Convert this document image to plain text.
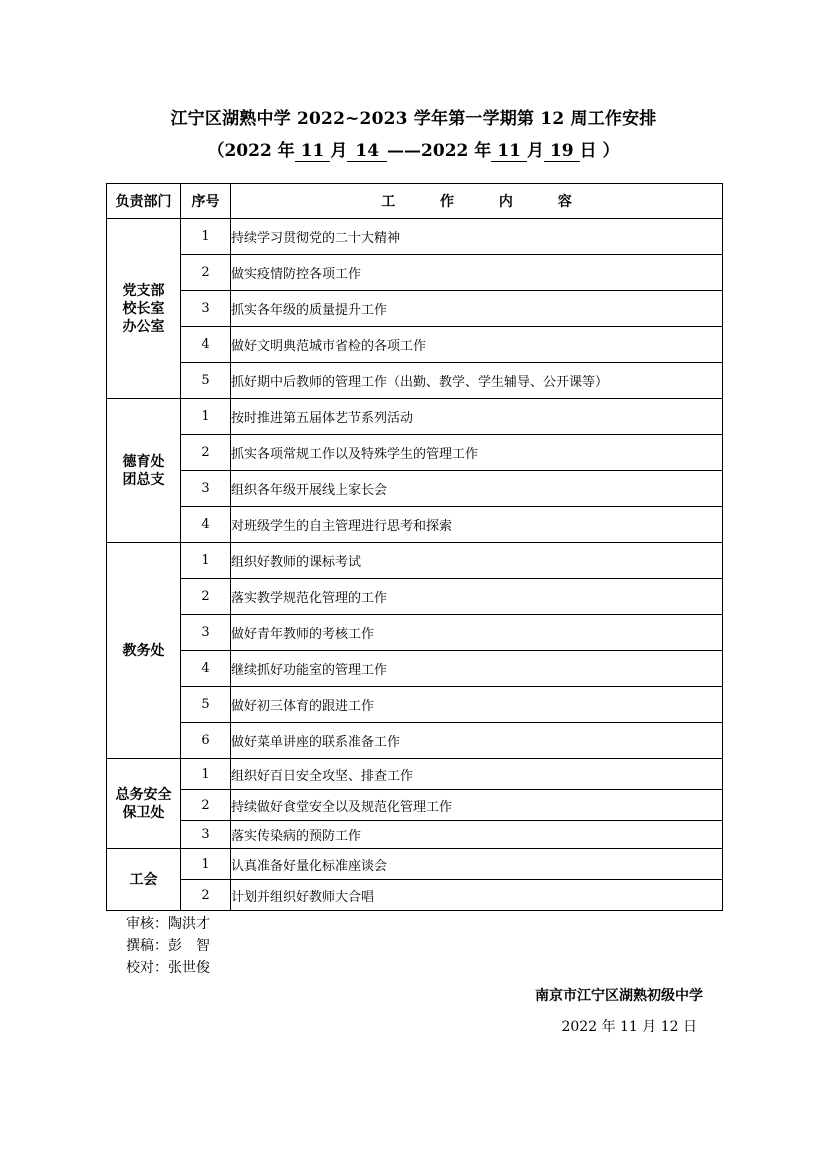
江宁区湖熟中学 2022~2023 学年第一学期第 12 周工作安排
（2022 年 11 月 14 ——2022 年 11 月 19 日 ）
负责部门	序号	工 作 内 容

党支部
校长室
办公室	1	持续学习贯彻党的二十大精神
	2	做实疫情防控各项工作
	3	抓实各年级的质量提升工作
	4	做好文明典范城市省检的各项工作
	5	抓好期中后教师的管理工作（出勤、教学、学生辅导、公开课等）

德育处
团总支	1	按时推进第五届体艺节系列活动
	2	抓实各项常规工作以及特殊学生的管理工作
	3	组织各年级开展线上家长会
	4	对班级学生的自主管理进行思考和探索

教务处	1	组织好教师的课标考试
	2	落实教学规范化管理的工作
	3	做好青年教师的考核工作
	4	继续抓好功能室的管理工作
	5	做好初三体育的跟进工作
	6	做好菜单讲座的联系准备工作

总务安全
保卫处	1	组织好百日安全攻坚、排查工作
	2	持续做好食堂安全以及规范化管理工作
	3	落实传染病的预防工作

工会	1	认真准备好量化标准座谈会
	2	计划并组织好教师大合唱
审核：陶洪才
撰稿：彭　智
校对：张世俊
南京市江宁区湖熟初级中学
2022 年 11 月 12 日
